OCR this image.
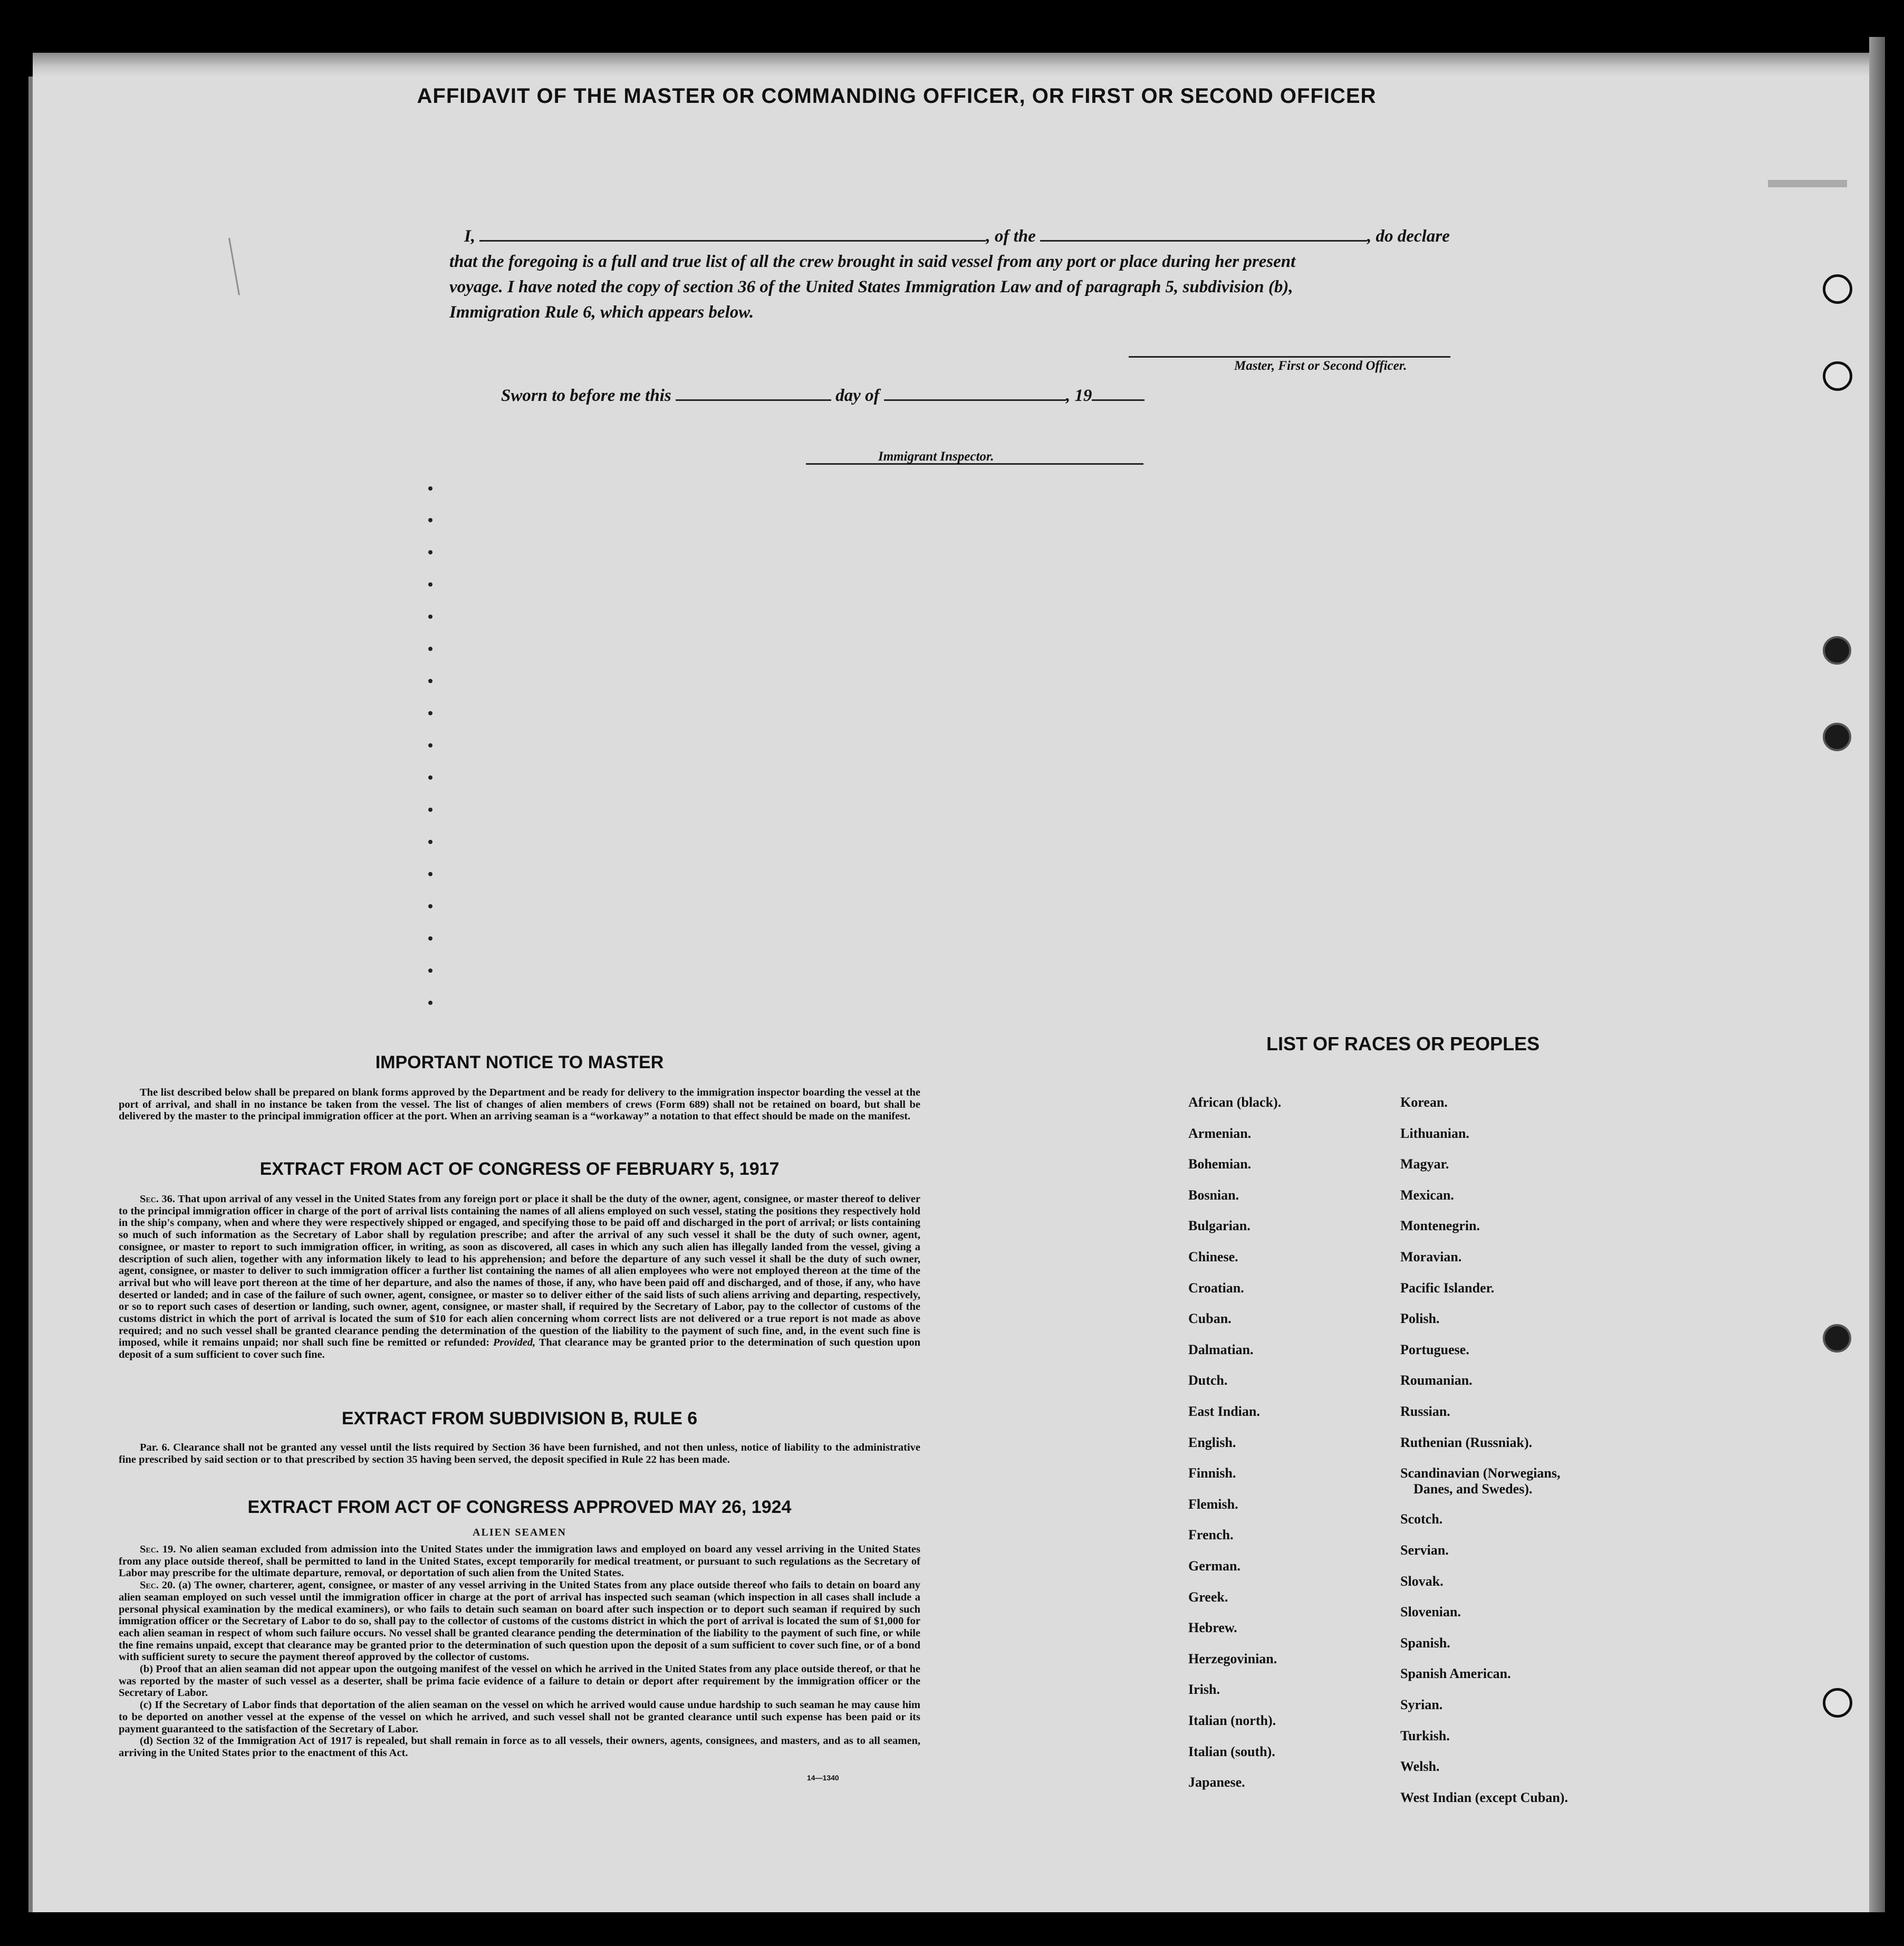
AFFIDAVIT OF THE MASTER OR COMMANDING OFFICER, OR FIRST OR SECOND OFFICER
I,	, of the	, do declare
that the foregoing is a full and true list of all the crew brought in said vessel from any port or place during her present
voyage. I have noted the copy of section 36 of the United States Immigration Law and of paragraph 5, subdivision (b),
Immigration Rule 6, which appears below.
Master, First or Second Officer.
Sworn to before me this	day of	, 19
Immigrant Inspector.
IMPORTANT NOTICE TO MASTER
The list described below shall be prepared on blank forms approved by the Department and be ready for delivery to the immigration inspector boarding the vessel at the port of arrival, and shall in no instance be taken from the vessel. The list of changes of alien members of crews (Form 689) shall not be retained on board, but shall be delivered by the master to the principal immigration officer at the port. When an arriving seaman is a “workaway” a notation to that effect should be made on the manifest.
EXTRACT FROM ACT OF CONGRESS OF FEBRUARY 5, 1917
Sec. 36. That upon arrival of any vessel in the United States from any foreign port or place it shall be the duty of the owner, agent, consignee, or master thereof to deliver to the principal immigration officer in charge of the port of arrival lists containing the names of all aliens employed on such vessel, stating the positions they respectively hold in the ship's company, when and where they were respectively shipped or engaged, and specifying those to be paid off and discharged in the port of arrival; or lists containing so much of such information as the Secretary of Labor shall by regulation prescribe; and after the arrival of any such vessel it shall be the duty of such owner, agent, consignee, or master to report to such immigration officer, in writing, as soon as discovered, all cases in which any such alien has illegally landed from the vessel, giving a description of such alien, together with any information likely to lead to his apprehension; and before the departure of any such vessel it shall be the duty of such owner, agent, consignee, or master to deliver to such immigration officer a further list containing the names of all alien employees who were not employed thereon at the time of the arrival but who will leave port thereon at the time of her departure, and also the names of those, if any, who have been paid off and discharged, and of those, if any, who have deserted or landed; and in case of the failure of such owner, agent, consignee, or master so to deliver either of the said lists of such aliens arriving and departing, respectively, or so to report such cases of desertion or landing, such owner, agent, consignee, or master shall, if required by the Secretary of Labor, pay to the collector of customs of the customs district in which the port of arrival is located the sum of $10 for each alien concerning whom correct lists are not delivered or a true report is not made as above required; and no such vessel shall be granted clearance pending the determination of the question of the liability to the payment of such fine, and, in the event such fine is imposed, while it remains unpaid; nor shall such fine be remitted or refunded: Provided, That clearance may be granted prior to the determination of such question upon deposit of a sum sufficient to cover such fine.
EXTRACT FROM SUBDIVISION B, RULE 6
Par. 6. Clearance shall not be granted any vessel until the lists required by Section 36 have been furnished, and not then unless, notice of liability to the administrative fine prescribed by said section or to that prescribed by section 35 having been served, the deposit specified in Rule 22 has been made.
EXTRACT FROM ACT OF CONGRESS APPROVED MAY 26, 1924
ALIEN SEAMEN
Sec. 19. No alien seaman excluded from admission into the United States under the immigration laws and employed on board any vessel arriving in the United States from any place outside thereof, shall be permitted to land in the United States, except temporarily for medical treatment, or pursuant to such regulations as the Secretary of Labor may prescribe for the ultimate departure, removal, or deportation of such alien from the United States.
Sec. 20. (a) The owner, charterer, agent, consignee, or master of any vessel arriving in the United States from any place outside thereof who fails to detain on board any alien seaman employed on such vessel until the immigration officer in charge at the port of arrival has inspected such seaman (which inspection in all cases shall include a personal physical examination by the medical examiners), or who fails to detain such seaman on board after such inspection or to deport such seaman if required by such immigration officer or the Secretary of Labor to do so, shall pay to the collector of customs of the customs district in which the port of arrival is located the sum of $1,000 for each alien seaman in respect of whom such failure occurs. No vessel shall be granted clearance pending the determination of the liability to the payment of such fine, or while the fine remains unpaid, except that clearance may be granted prior to the determination of such question upon the deposit of a sum sufficient to cover such fine, or of a bond with sufficient surety to secure the payment thereof approved by the collector of customs.
(b) Proof that an alien seaman did not appear upon the outgoing manifest of the vessel on which he arrived in the United States from any place outside thereof, or that he was reported by the master of such vessel as a deserter, shall be prima facie evidence of a failure to detain or deport after requirement by the immigration officer or the Secretary of Labor.
(c) If the Secretary of Labor finds that deportation of the alien seaman on the vessel on which he arrived would cause undue hardship to such seaman he may cause him to be deported on another vessel at the expense of the vessel on which he arrived, and such vessel shall not be granted clearance until such expense has been paid or its payment guaranteed to the satisfaction of the Secretary of Labor.
(d) Section 32 of the Immigration Act of 1917 is repealed, but shall remain in force as to all vessels, their owners, agents, consignees, and masters, and as to all seamen, arriving in the United States prior to the enactment of this Act.
14—1340
LIST OF RACES OR PEOPLES
African (black).
Armenian.
Bohemian.
Bosnian.
Bulgarian.
Chinese.
Croatian.
Cuban.
Dalmatian.
Dutch.
East Indian.
English.
Finnish.
Flemish.
French.
German.
Greek.
Hebrew.
Herzegovinian.
Irish.
Italian (north).
Italian (south).
Japanese.
Korean.
Lithuanian.
Magyar.
Mexican.
Montenegrin.
Moravian.
Pacific Islander.
Polish.
Portuguese.
Roumanian.
Russian.
Ruthenian (Russniak).
Scandinavian (Norwegians,
Danes, and Swedes).
Scotch.
Servian.
Slovak.
Slovenian.
Spanish.
Spanish American.
Syrian.
Turkish.
Welsh.
West Indian (except Cuban).
